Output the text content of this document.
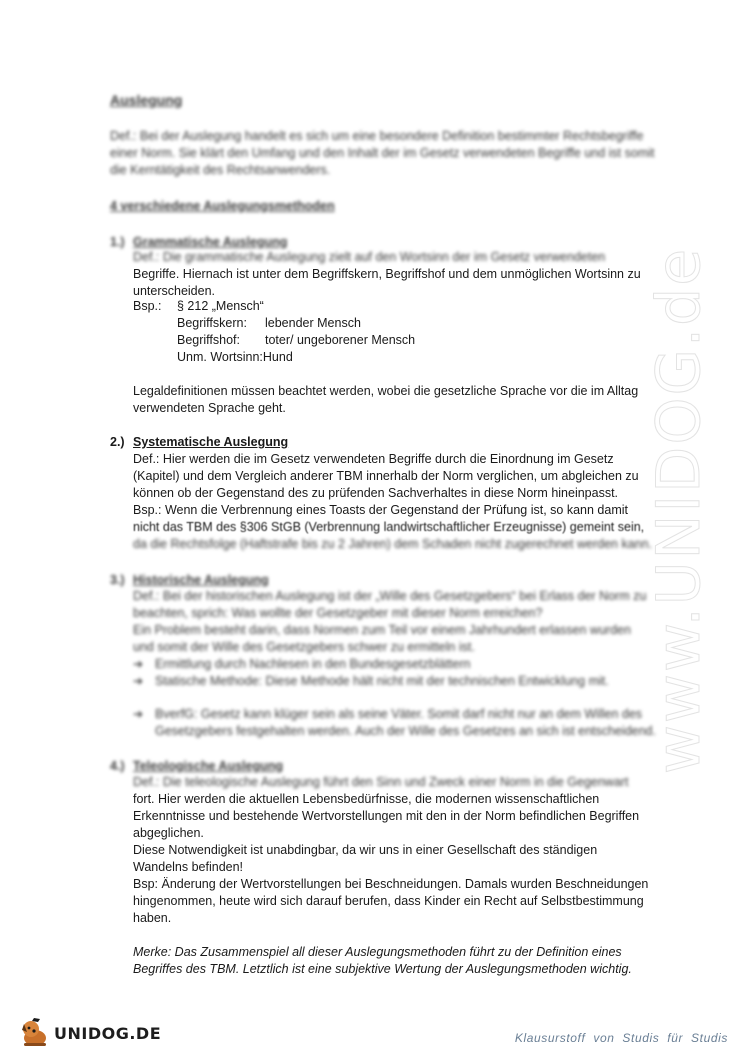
Auslegung

Def.: Bei der Auslegung handelt es sich um eine besondere Definition bestimmter Rechtsbegriffe einer Norm. Sie klärt den Umfang und den Inhalt der im Gesetz verwendeten Begriffe und ist somit die Kerntätigkeit des Rechtsanwenders.

4 verschiedene Auslegungsmethoden
1.) Grammatische Auslegung
Def.: Die grammatische Auslegung zielt auf den Wortsinn der im Gesetz verwendeten
Begriffe. Hiernach ist unter dem Begriffskern, Begriffshof und dem unmöglichen Wortsinn zu
unterscheiden.
Bsp.:	§ 212 „Mensch“
Begriffskern:	lebender Mensch
Begriffshof:	toter/ ungeborener Mensch
Unm. Wortsinn: Hund
Legaldefinitionen müssen beachtet werden, wobei die gesetzliche Sprache vor die im Alltag
verwendeten Sprache geht.
2.) Systematische Auslegung
Def.: Hier werden die im Gesetz verwendeten Begriffe durch die Einordnung im Gesetz
(Kapitel) und dem Vergleich anderer TBM innerhalb der Norm verglichen, um abgleichen zu
können ob der Gegenstand des zu prüfenden Sachverhaltes in diese Norm hineinpasst.
Bsp.: Wenn die Verbrennung eines Toasts der Gegenstand der Prüfung ist, so kann damit
nicht das TBM des §306 StGB (Verbrennung landwirtschaftlicher Erzeugnisse) gemeint sein,
da die Rechtsfolge (Haftstrafe bis zu 2 Jahren) dem Schaden nicht zugerechnet werden kann.
3.) Historische Auslegung
Def.: Bei der historischen Auslegung ist der „Wille des Gesetzgebers“ bei Erlass der Norm zu
beachten, sprich: Was wollte der Gesetzgeber mit dieser Norm erreichen?
Ein Problem besteht darin, dass Normen zum Teil vor einem Jahrhundert erlassen wurden
und somit der Wille des Gesetzgebers schwer zu ermitteln ist.
➔ Ermittlung durch Nachlesen in den Bundesgesetzblättern
➔ Statische Methode: Diese Methode hält nicht mit der technischen Entwicklung mit.
➔ BverfG: Gesetz kann klüger sein als seine Väter. Somit darf nicht nur an dem Willen des
Gesetzgebers festgehalten werden. Auch der Wille des Gesetzes an sich ist entscheidend.
4.) Teleologische Auslegung
Def.: Die teleologische Auslegung führt den Sinn und Zweck einer Norm in die Gegenwart
fort. Hier werden die aktuellen Lebensbedürfnisse, die modernen wissenschaftlichen
Erkenntnisse und bestehende Wertvorstellungen mit den in der Norm befindlichen Begriffen
abgeglichen.
Diese Notwendigkeit ist unabdingbar, da wir uns in einer Gesellschaft des ständigen
Wandelns befinden!
Bsp: Änderung der Wertvorstellungen bei Beschneidungen. Damals wurden Beschneidungen
hingenommen, heute wird sich darauf berufen, dass Kinder ein Recht auf Selbstbestimmung
haben.
Merke: Das Zusammenspiel all dieser Auslegungsmethoden führt zu der Definition eines
Begriffes des TBM. Letztlich ist eine subjektive Wertung der Auslegungsmethoden wichtig.
www.UNIDOG.de
UNIDOG.DE	Klausurstoff von Studis für Studis
